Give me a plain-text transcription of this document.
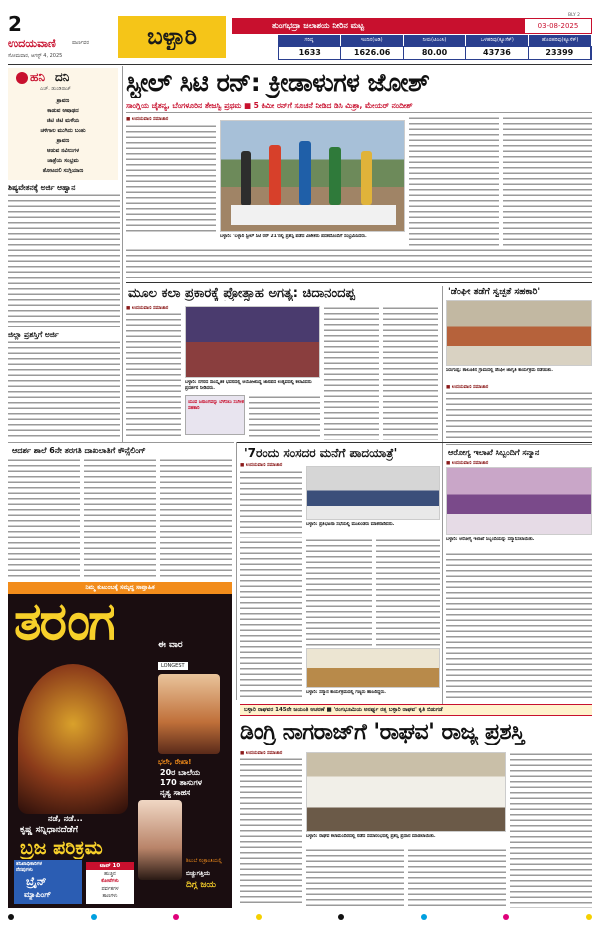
2
ಉದಯವಾಣಿ	ಪಾರ್ಣವರ
ಸೋಮವಾರ, ಆಗಸ್ಟ್ 4, 2025
ಬಳ್ಳಾರಿ
BLY 2
ತುಂಗಭದ್ರಾ ಜಲಾಶಯ ನೀರಿನ ಮಟ್ಟ	03-08-2025
ಗರಿಷ್ಠ	ಇಂದಿನ(ಅಡಿ)	ನೀರು(ಟಿಎಂಸಿ)	ಒಳಹರಿವು(ಕ್ಯೂಸೆಕ್)	ಹೊರಹರಿವು(ಕ್ಯೂಸೆಕ್)
1633	1626.06	80.00	43736	23399
ಹನಿ ದನಿ
ಎಚ್. ಡುಂಡಿರಾಜ್
ಶ್ರಾವಣ
ಕಾಡುವ ಆಷಾಢದ
ಜಿಟಿ ಜಿಟಿ ಮಳೆಯ
ಚಳಿಗಾಲ ಮುಗಿದು ಬಂತು
ಶ್ರಾವಣ
ಆಡುವ ನವಿಲುಗಳ
ಜಾತ್ರೆಯ ಸಂಭ್ರಮ
ತೋಟದಲಿ ಸುಗ್ಗಿಯಾಣ
ಶಿಷ್ಯವೇತನಕ್ಕೆ ಅರ್ಜಿ ಆಹ್ವಾನ
ಜಿಲ್ಲಾ ಪ್ರಶಸ್ತಿಗೆ ಅರ್ಜಿ
ಆದರ್ಶ ಶಾಲೆ 6ನೇ ತರಗತಿ ದಾಖಲಾತಿಗೆ ಕೌನ್ಸೆಲಿಂಗ್
ಸ್ಟೀಲ್ ಸಿಟಿ ರನ್: ಕ್ರೀಡಾಳುಗಳ ಜೋಶ್
ಸಾಂಗ್ಲಿಯ ಚೈತನ್ಯ, ಬೆಂಗಳೂರಿನ ತೇಜಸ್ವಿ ಪ್ರಥಮ ■ 5 ಕಿಮೀ ರನ್‌ಗೆ ಸೂಚನೆ ನೀಡಿದ ಡಿಸಿ ಮಿಶ್ರಾ, ಮೇಯರ್ ನಂದೀಶ್
■ ಉದಯವಾಣಿ ಸಮಾಚಾರ
ಬಳ್ಳಾರಿ: 'ಬಳ್ಳಾರಿ ಸ್ಟೀಲ್ ಸಿಟಿ ರನ್ 21'ನಲ್ಲಿ ಪ್ರಶಸ್ತಿ ಪಡೆದ ವಿಜೇತರು ಪದಕದೊಂದಿಗೆ ಸಂಭ್ರಮಿಸಿದರು.
ಮೂಲ ಕಲಾ ಪ್ರಕಾರಕ್ಕೆ ಪ್ರೋತ್ಸಾಹ ಅಗತ್ಯ: ಚಿದಾನಂದಪ್ಪ
■ ಉದಯವಾಣಿ ಸಮಾಚಾರ
ಬಳ್ಳಾರಿ: ನಗರದ ಸಾಂಸ್ಕೃತಿಕ ಭವನದಲ್ಲಿ ಆಯೋಜಿಸಿದ್ದ ಜಾನಪದ ಉತ್ಸವದಲ್ಲಿ ಕಲಾವಿದರು ಪ್ರದರ್ಶನ ನೀಡಿದರು.
ಯುವ ಜನಾಂಗವನ್ನು ಬೆಳೆಸಲು ಸಂಗೀತ ಸಹಕಾರಿ
'ಡೆಂಘೀ ತಡೆಗೆ ಸ್ವಚ್ಛತೆ ಸಹಕಾರಿ'
ಸಿರುಗುಪ್ಪ: ತಾಲೂಕಿನ ಗ್ರಾಮದಲ್ಲಿ ಡೆಂಘೀ ಜಾಗೃತಿ ಕಾರ್ಯಕ್ರಮ ನಡೆಯಿತು.
■ ಉದಯವಾಣಿ ಸಮಾಚಾರ
'7ರಂದು ಸಂಸದರ ಮನೆಗೆ ಪಾದಯಾತ್ರೆ'
■ ಉದಯವಾಣಿ ಸಮಾಚಾರ
ಬಳ್ಳಾರಿ: ಪ್ರತಿಭಟನಾ ಸಭೆಯಲ್ಲಿ ಮುಖಂಡರು ಮಾತನಾಡಿದರು.
ಬಳ್ಳಾರಿ: ಸನ್ಮಾನ ಕಾರ್ಯಕ್ರಮದಲ್ಲಿ ಗಣ್ಯರು ಹಾಜರಿದ್ದರು.
ಆರೋಗ್ಯ ಇಲಾಖೆ ಸಿಬ್ಬಂದಿಗೆ ಸನ್ಮಾನ
■ ಉದಯವಾಣಿ ಸಮಾಚಾರ
ಬಳ್ಳಾರಿ: ಆರೋಗ್ಯ ಇಲಾಖೆ ಸಿಬ್ಬಂದಿಯನ್ನು ಸನ್ಮಾನಿಸಲಾಯಿತು.
ನಿಮ್ಮ ಕುಟುಂಬಕ್ಕೆ ಸಮೃದ್ಧ ಸಾಪ್ತಾಹಿಕ
ತರಂಗ	ಈ ವಾರ
LONGEST
ಭಲೇ, ರೇಖಾ!
20ರ ಬಾಲೆಯ
170 ತಾಸುಗಳ
ನೃತ್ಯ ಸಾಹಸ
ನಡೆ, ನಡೆ...
ಕೃಷ್ಣ ಸನ್ನಿಧಾನದೆಡೆಗೆ
ಬ್ರಜ ಪರಿಕ್ರಮ
ತನಿಖಾಧಿಕಾರಿಗಳ
ನೆನಪುಗಳು
ಬ್ರೈನ್
ಮ್ಯಾಪಿಂಗ್
ಟಾಪ್ 10
ಹುಚ್ಚಿನ
ಕೋಟೆಗಳು
ಪರ್ವತಗಳ
ತಾಣಗಳು
ಶಿಲುಬೆ ಸಂಕ್ರಾಂತಿಯಲ್ಲಿ
ಬಿಚ್ಚುಗತ್ತಿಯ
ದಿಗ್ಗ ಜಯ
ಬಳ್ಳಾರಿ ರಾಘವರ 145ನೇ ಜಯಂತಿ ಆಚರಣೆ ■ 'ರಂಗಭೂಮಿಯ ಅನರ್ಘ್ಯ ರತ್ನ ಬಳ್ಳಾರಿ ರಾಘವ' ಕೃತಿ ಬಿಡುಗಡೆ
ಡಿಂಗ್ರಿ ನಾಗರಾಜ್‌ಗೆ 'ರಾಘವ' ರಾಜ್ಯ ಪ್ರಶಸ್ತಿ
■ ಉದಯವಾಣಿ ಸಮಾಚಾರ
ಬಳ್ಳಾರಿ: ರಾಘವ ಕಲಾಮಂದಿರದಲ್ಲಿ ನಡೆದ ಸಮಾರಂಭದಲ್ಲಿ ಪ್ರಶಸ್ತಿ ಪ್ರದಾನ ಮಾಡಲಾಯಿತು.
